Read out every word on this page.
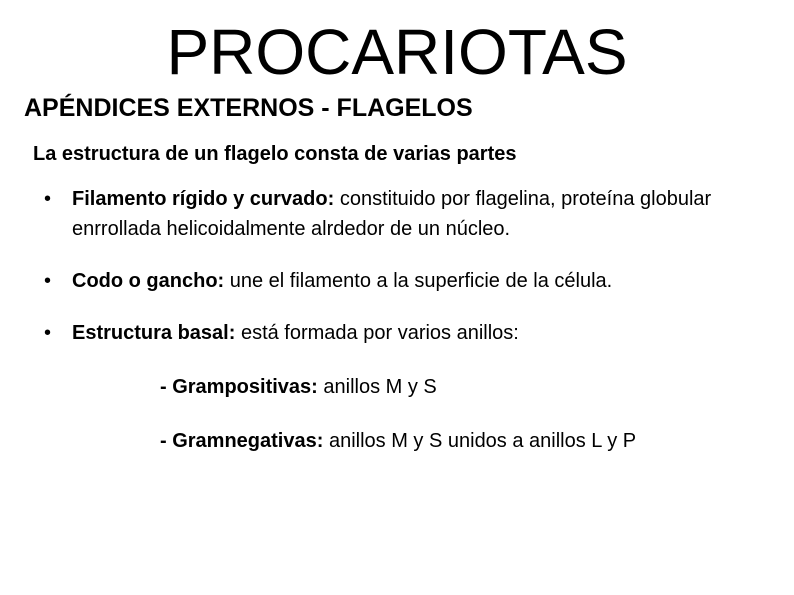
PROCARIOTAS
APÉNDICES EXTERNOS - FLAGELOS

La estructura de un flagelo consta de varias partes

• Filamento rígido y curvado: constituido por flagelina, proteína globular enrrollada helicoidalmente alrdedor de un núcleo.
• Codo o gancho: une el filamento a la superficie de la célula.
• Estructura basal: está formada por varios anillos:

- Grampositivas: anillos M y S

- Gramnegativas: anillos M y S unidos a anillos L y P
